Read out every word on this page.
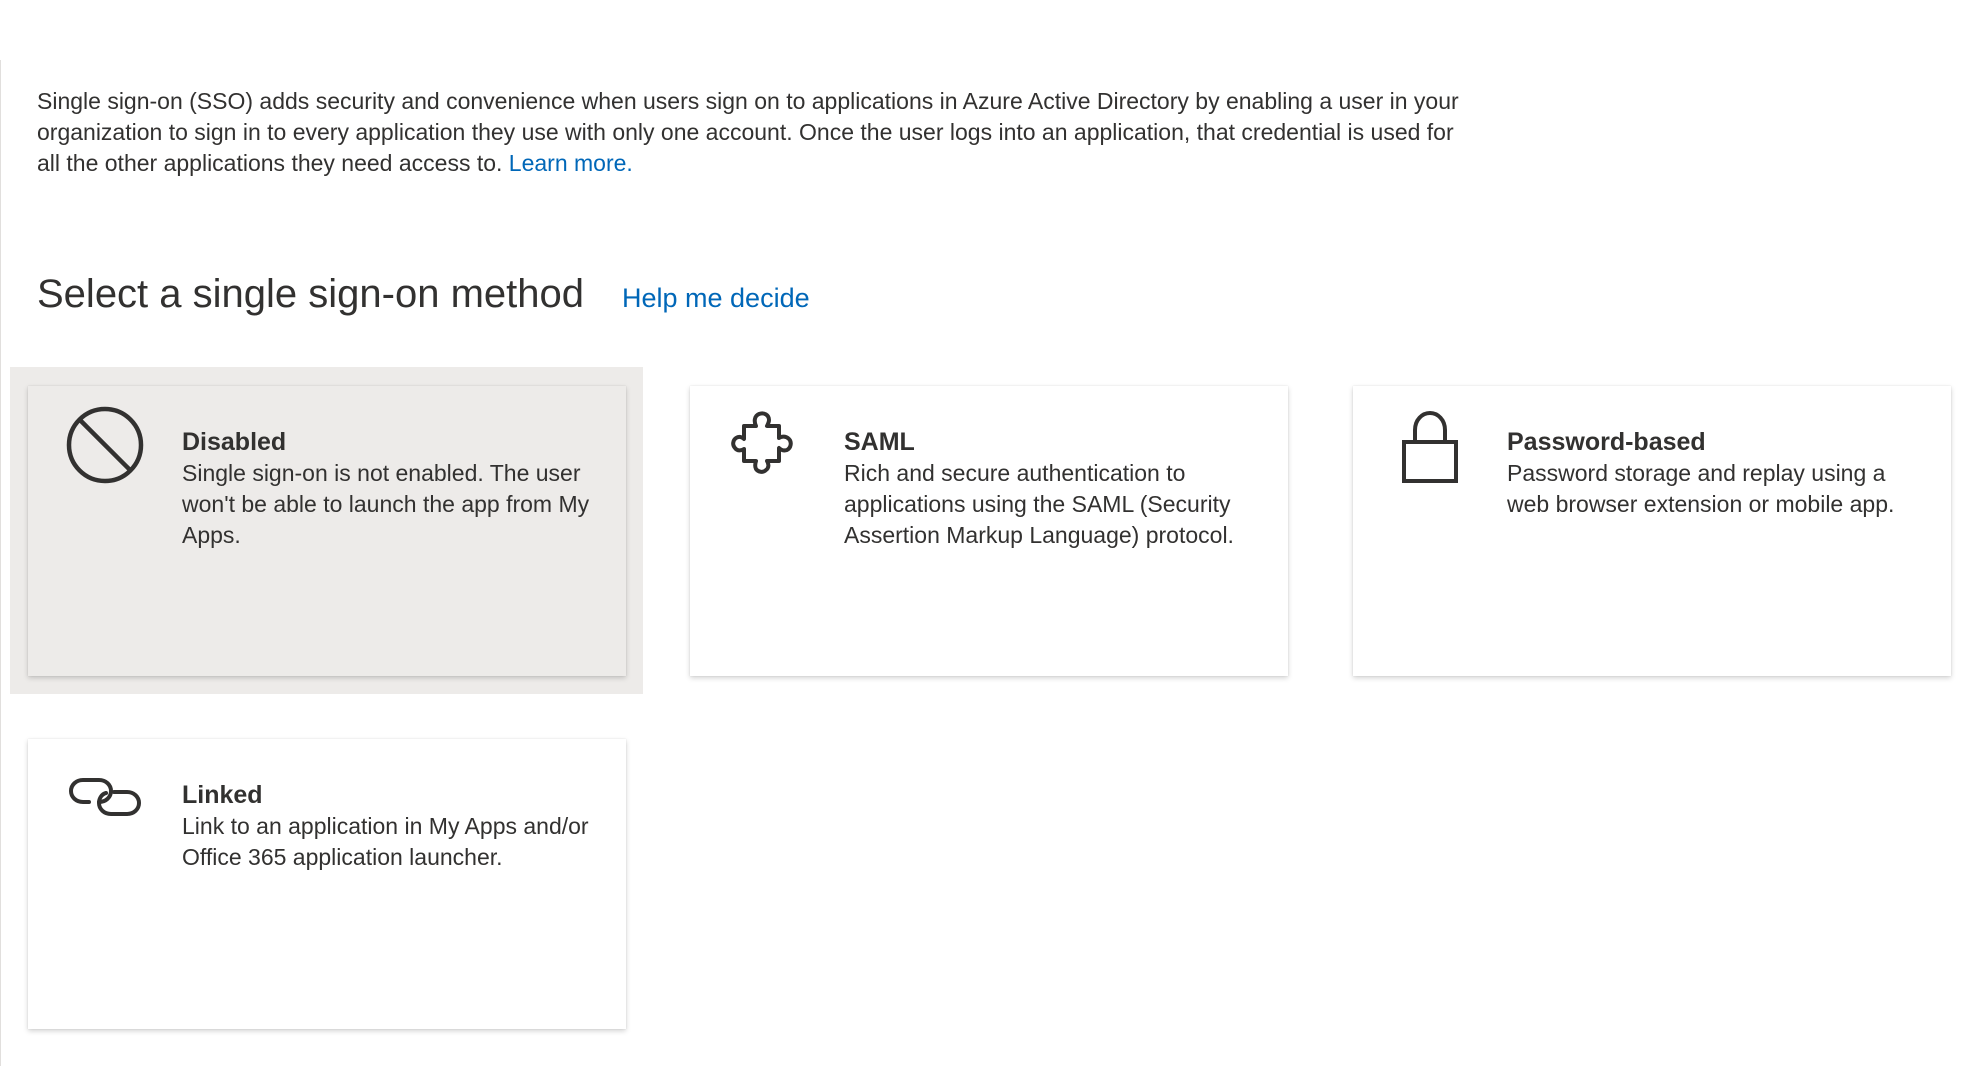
Single sign-on (SSO) adds security and convenience when users sign on to applications in Azure Active Directory by enabling a user in your organization to sign in to every application they use with only one account. Once the user logs into an application, that credential is used for all the other applications they need access to. Learn more.

Select a single sign-on method Help me decide
Disabled
Single sign-on is not enabled. The user won't be able to launch the app from My Apps.
SAML
Rich and secure authentication to applications using the SAML (Security Assertion Markup Language) protocol.
Password-based
Password storage and replay using a web browser extension or mobile app.
Linked
Link to an application in My Apps and/or Office 365 application launcher.
